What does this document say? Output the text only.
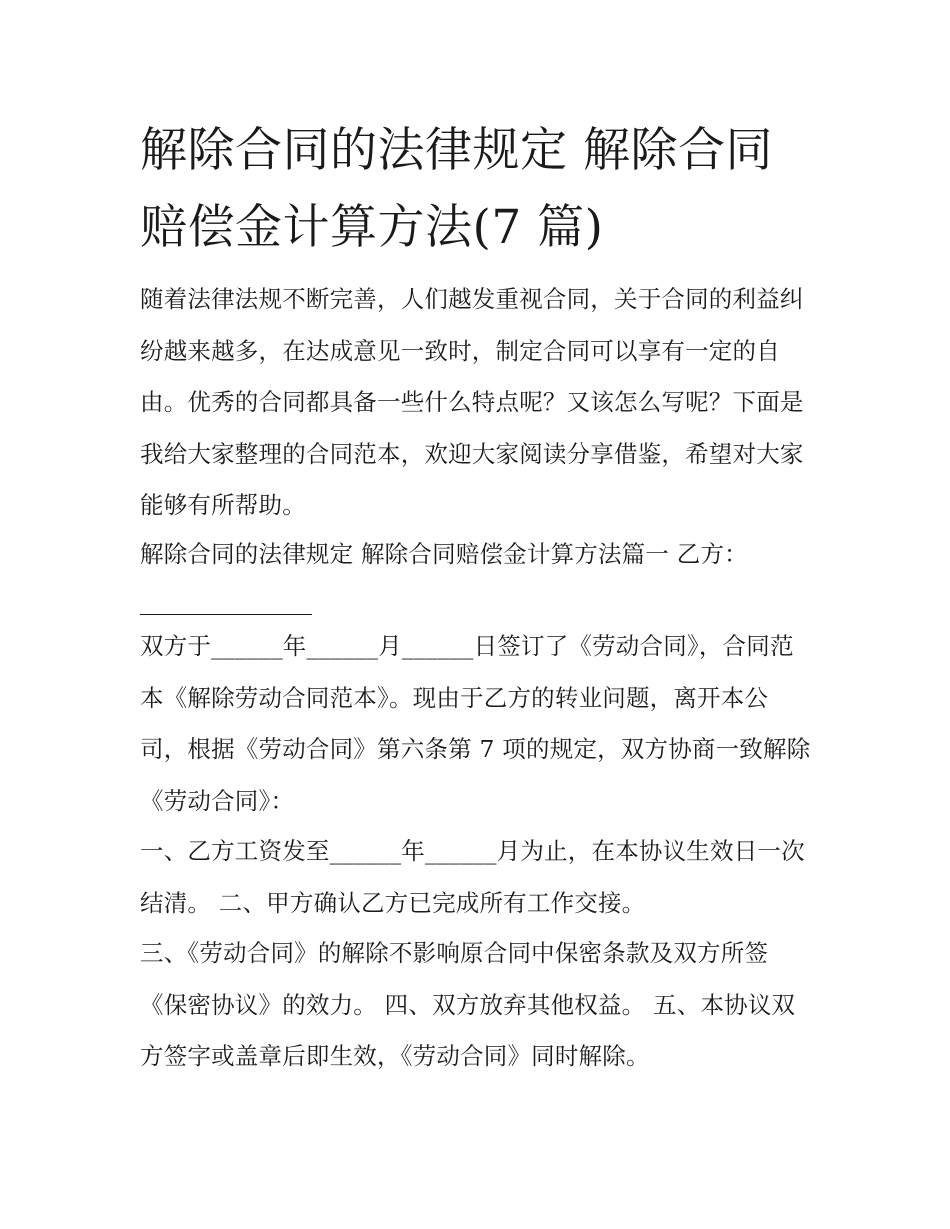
解除合同的法律规定 解除合同赔偿金计算方法(7 篇)

随着法律法规不断完善，人们越发重视合同，关于合同的利益纠纷越来越多，在达成意见一致时，制定合同可以享有一定的自由。优秀的合同都具备一些什么特点呢？又该怎么写呢？下面是我给大家整理的合同范本，欢迎大家阅读分享借鉴，希望对大家能够有所帮助。

解除合同的法律规定 解除合同赔偿金计算方法篇一 乙方：

双方于______年______月______日签订了《劳动合同》，合同范本《解除劳动合同范本》。现由于乙方的转业问题，离开本公司，根据《劳动合同》第六条第 7 项的规定，双方协商一致解除《劳动合同》：

一、乙方工资发至______年______月为止，在本协议生效日一次结清。 二、甲方确认乙方已完成所有工作交接。

三、《劳动合同》的解除不影响原合同中保密条款及双方所签《保密协议》的效力。 四、双方放弃其他权益。 五、本协议双方签字或盖章后即生效，《劳动合同》同时解除。
